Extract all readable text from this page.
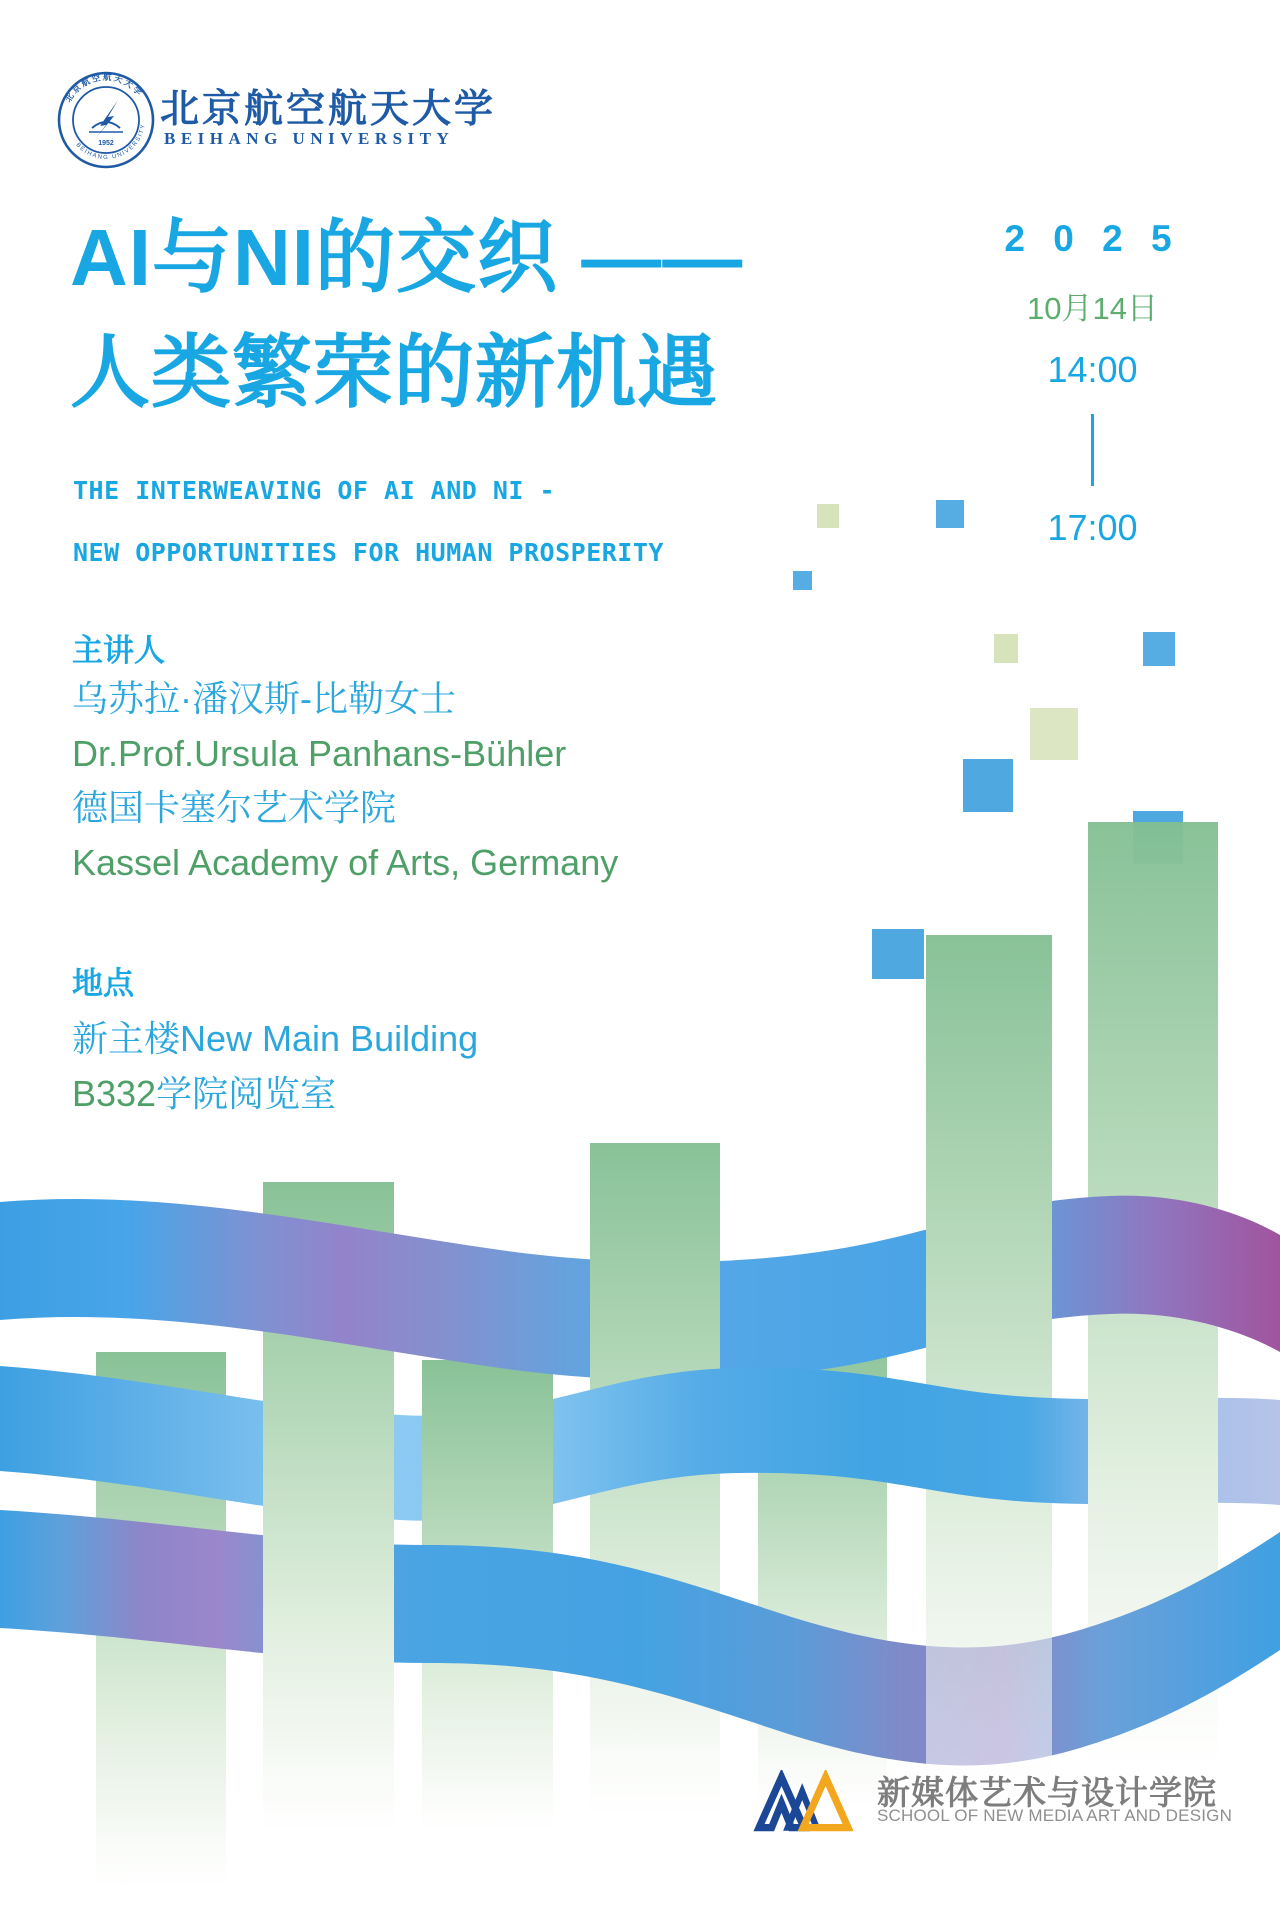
北京航空航天大学
BEIHANG UNIVERSITY
1952
北京航空航天大学
BEIHANG UNIVERSITY
AI与NI的交织 ——
人类繁荣的新机遇
THE INTERWEAVING OF AI AND NI -
NEW OPPORTUNITIES FOR HUMAN PROSPERITY
2 0 2 5
10月14日
14:00
17:00
主讲人
乌苏拉·潘汉斯-比勒女士
Dr.Prof.Ursula Panhans-Bühler
德国卡塞尔艺术学院
Kassel Academy of Arts, Germany
地点
新主楼New Main Building
B332学院阅览室
新媒体艺术与设计学院
SCHOOL OF NEW MEDIA ART AND DESIGN
